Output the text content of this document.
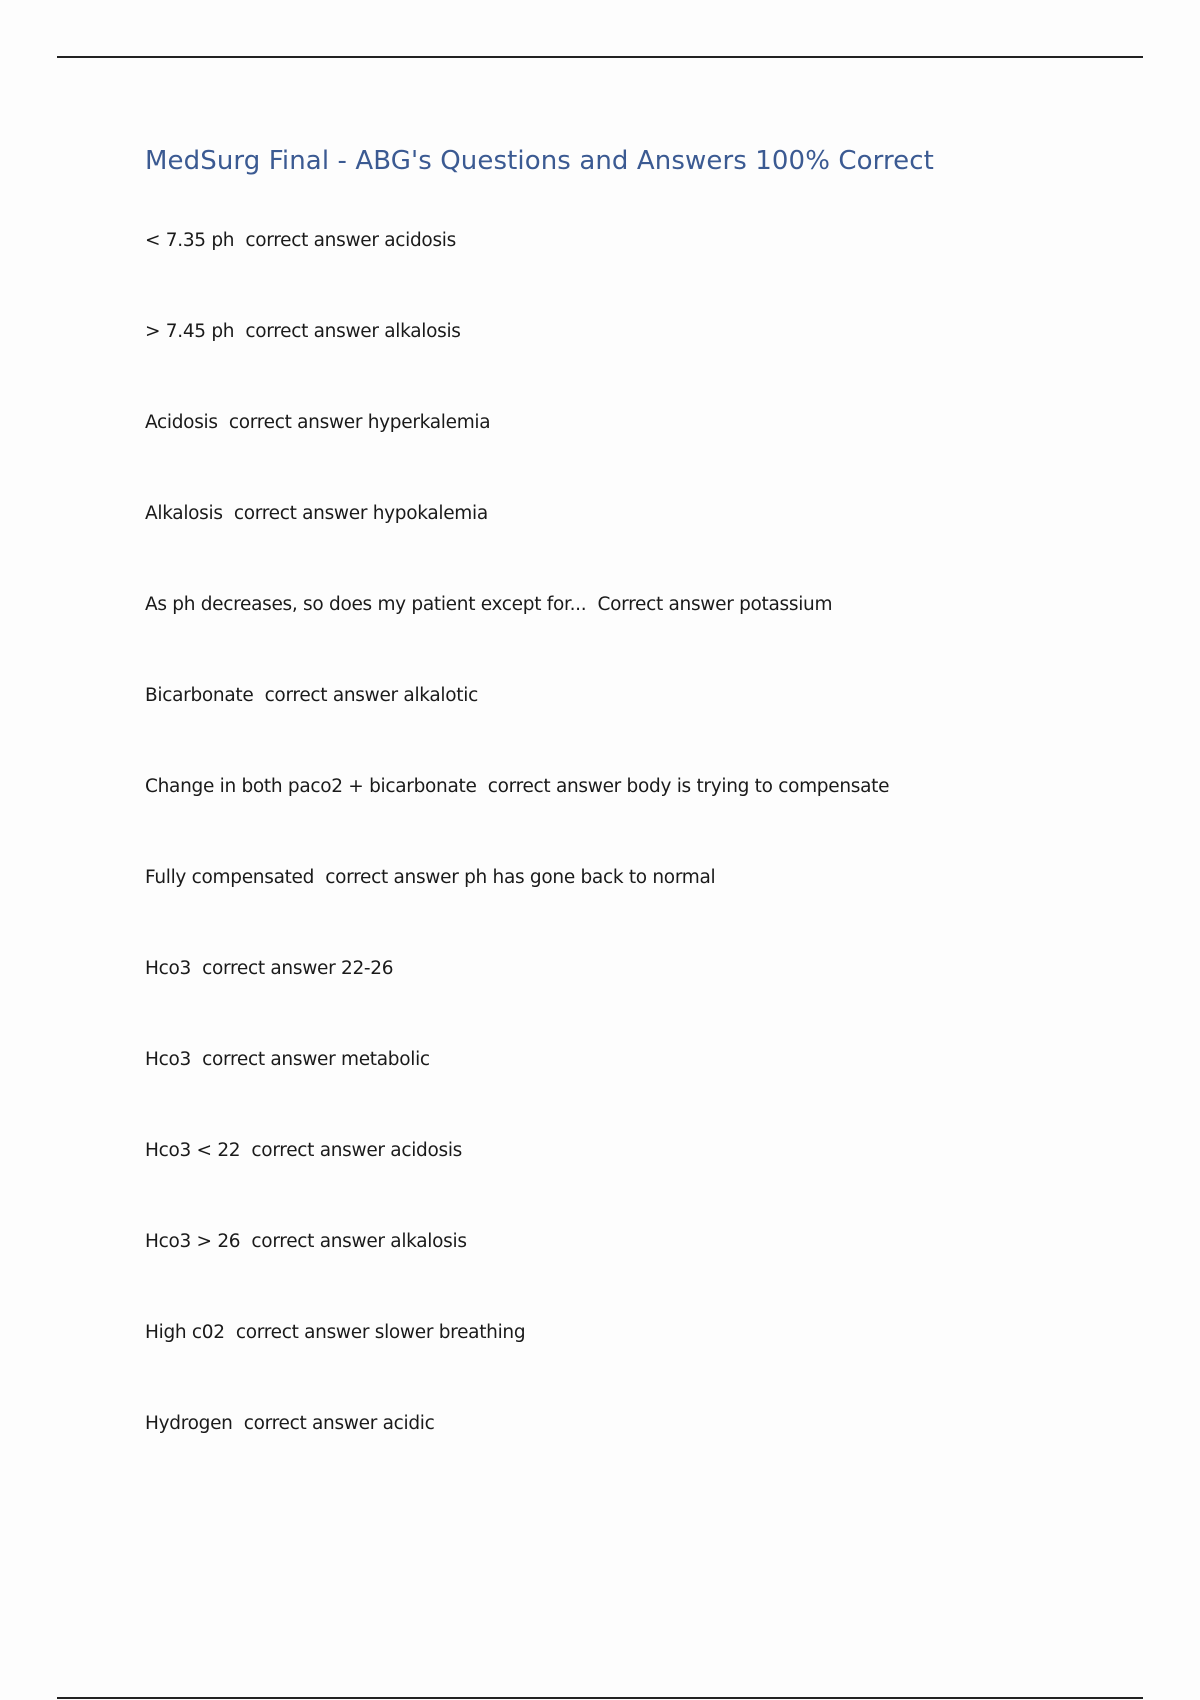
MedSurg Final - ABG's Questions and Answers 100% Correct
< 7.35 ph  correct answer acidosis
> 7.45 ph  correct answer alkalosis
Acidosis  correct answer hyperkalemia
Alkalosis  correct answer hypokalemia
As ph decreases, so does my patient except for...  Correct answer potassium
Bicarbonate  correct answer alkalotic
Change in both paco2 + bicarbonate  correct answer body is trying to compensate
Fully compensated  correct answer ph has gone back to normal
Hco3  correct answer 22-26
Hco3  correct answer metabolic
Hco3 < 22  correct answer acidosis
Hco3 > 26  correct answer alkalosis
High c02  correct answer slower breathing
Hydrogen  correct answer acidic
